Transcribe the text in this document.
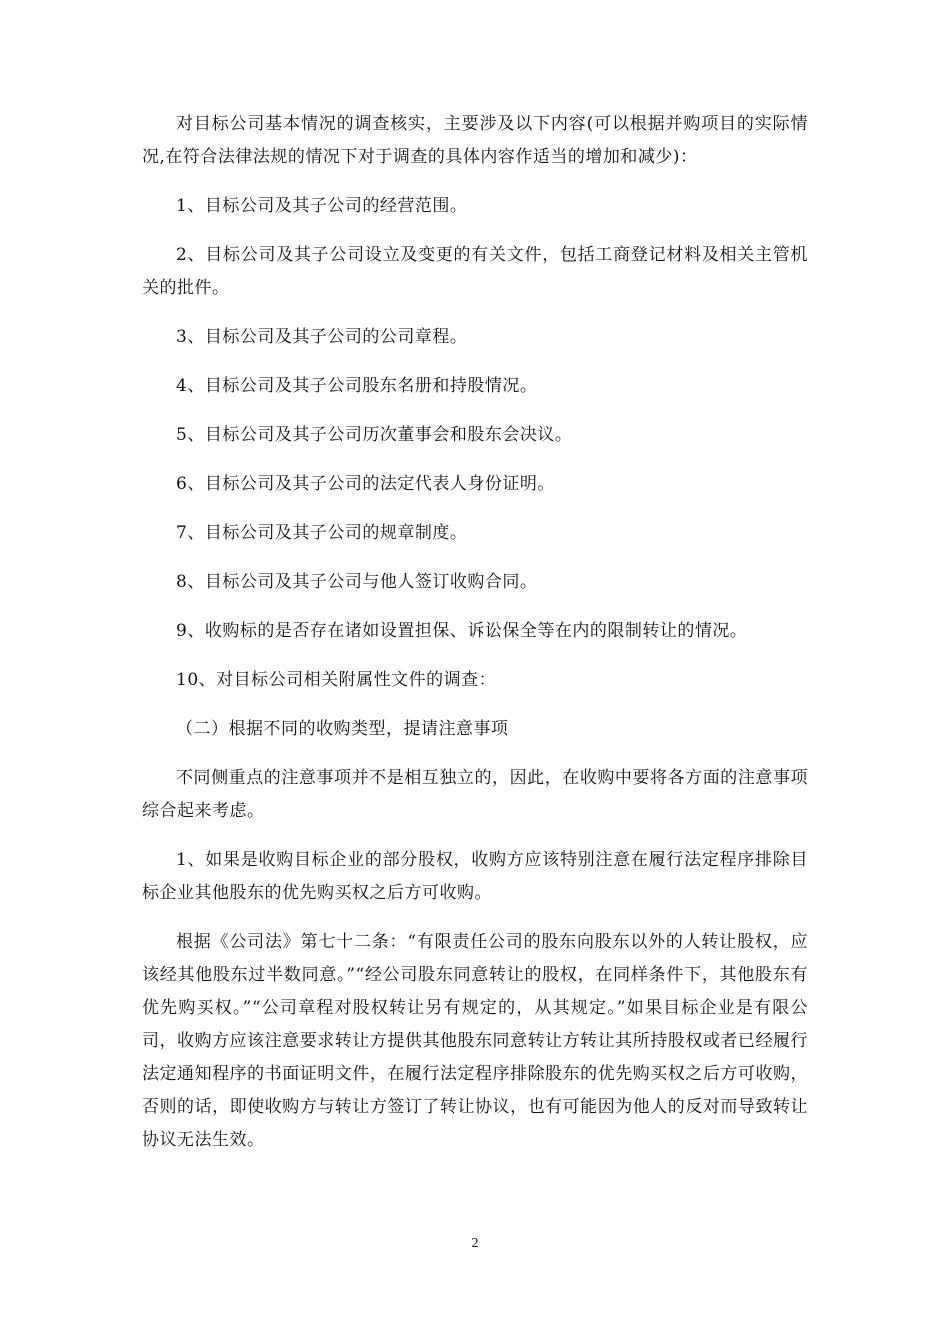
对目标公司基本情况的调查核实，主要涉及以下内容(可以根据并购项目的实际情况,在符合法律法规的情况下对于调查的具体内容作适当的增加和减少)：

1、目标公司及其子公司的经营范围。

2、目标公司及其子公司设立及变更的有关文件，包括工商登记材料及相关主管机关的批件。

3、目标公司及其子公司的公司章程。

4、目标公司及其子公司股东名册和持股情况。

5、目标公司及其子公司历次董事会和股东会决议。

6、目标公司及其子公司的法定代表人身份证明。

7、目标公司及其子公司的规章制度。

8、目标公司及其子公司与他人签订收购合同。

9、收购标的是否存在诸如设置担保、诉讼保全等在内的限制转让的情况。

10、对目标公司相关附属性文件的调查：

（二）根据不同的收购类型，提请注意事项

不同侧重点的注意事项并不是相互独立的，因此，在收购中要将各方面的注意事项综合起来考虑。

1、如果是收购目标企业的部分股权，收购方应该特别注意在履行法定程序排除目标企业其他股东的优先购买权之后方可收购。

根据《公司法》第七十二条：“有限责任公司的股东向股东以外的人转让股权，应该经其他股东过半数同意。”“经公司股东同意转让的股权，在同样条件下，其他股东有优先购买权。”“公司章程对股权转让另有规定的，从其规定。”如果目标企业是有限公司，收购方应该注意要求转让方提供其他股东同意转让方转让其所持股权或者已经履行法定通知程序的书面证明文件，在履行法定程序排除股东的优先购买权之后方可收购，否则的话，即使收购方与转让方签订了转让协议，也有可能因为他人的反对而导致转让协议无法生效。

2
